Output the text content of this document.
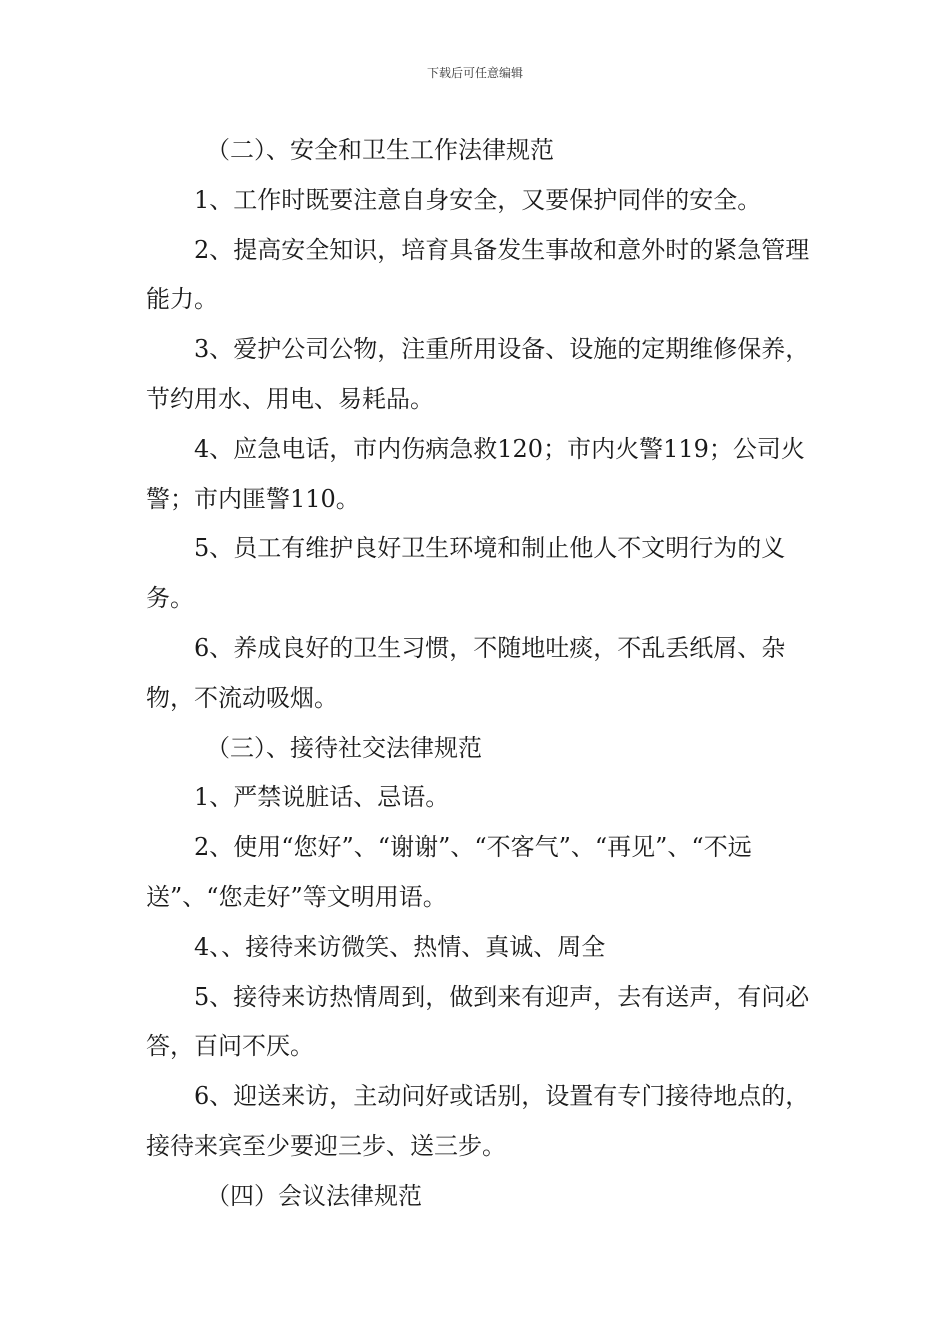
下载后可任意编辑

（二）、安全和卫生工作法律规范

1、工作时既要注意自身安全，又要保护同伴的安全。

2、提高安全知识，培育具备发生事故和意外时的紧急管理能力。

3、爱护公司公物，注重所用设备、设施的定期维修保养，节约用水、用电、易耗品。

4、应急电话，市内伤病急救120；市内火警119；公司火警；市内匪警110。

5、员工有维护良好卫生环境和制止他人不文明行为的义务。

6、养成良好的卫生习惯，不随地吐痰，不乱丢纸屑、杂物，不流动吸烟。

（三）、接待社交法律规范

1、严禁说脏话、忌语。

2、使用“您好”、“谢谢”、“不客气”、“再见”、“不远送”、“您走好”等文明用语。

4、、接待来访微笑、热情、真诚、周全

5、接待来访热情周到，做到来有迎声，去有送声，有问必答，百问不厌。

6、迎送来访，主动问好或话别，设置有专门接待地点的，接待来宾至少要迎三步、送三步。

（四）会议法律规范
